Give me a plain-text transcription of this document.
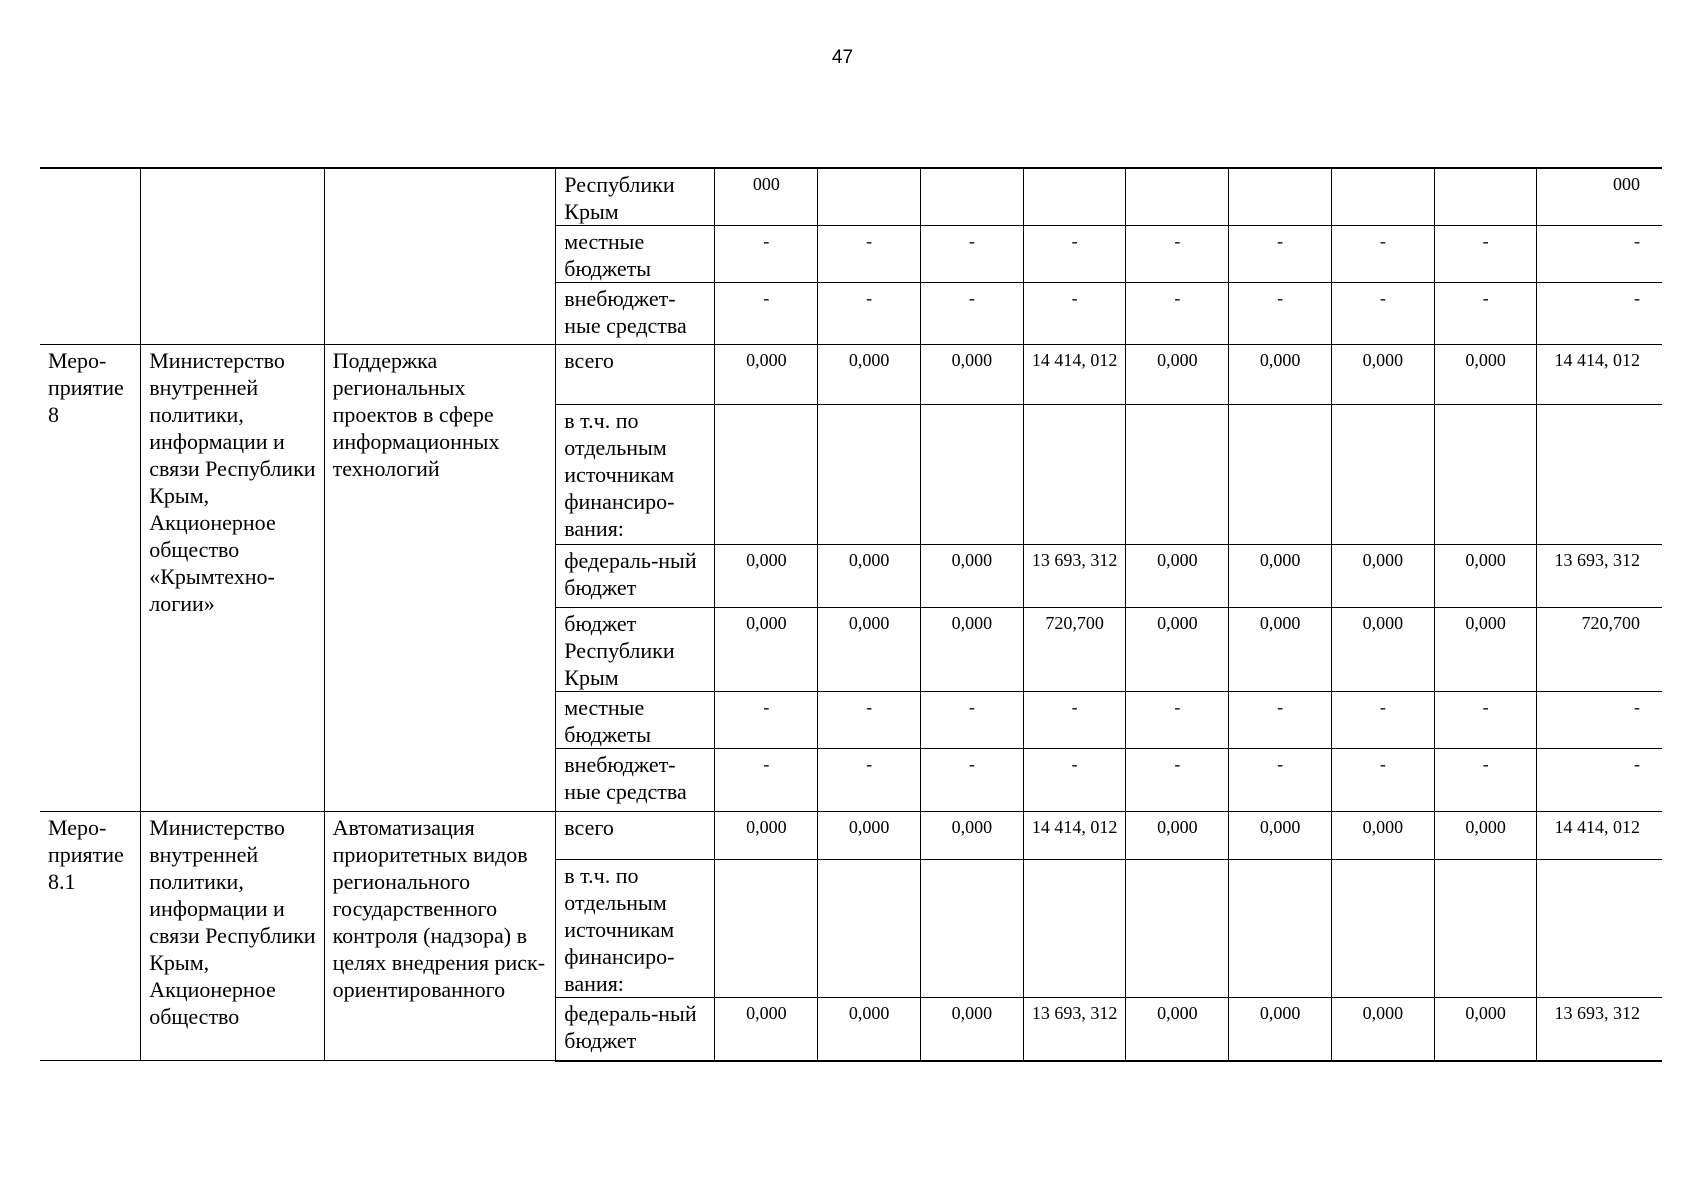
47
			Республики Крым	000								000
			местные бюджеты	-	-	-	-	-	-	-	-	-
			внебюджет-ные средства	-	-	-	-	-	-	-	-	-
Меро-приятие 8	Министерство внутренней политики, информации и связи Республики Крым, Акционерное общество «Крымтехно-логии»	Поддержка региональных проектов в сфере информационных технологий	всего	0,000	0,000	0,000	14 414, 012	0,000	0,000	0,000	0,000	14 414, 012
			в т.ч. по отдельным источникам финансиро-вания:									
			федераль-ный бюджет	0,000	0,000	0,000	13 693, 312	0,000	0,000	0,000	0,000	13 693, 312
			бюджет Республики Крым	0,000	0,000	0,000	720,700	0,000	0,000	0,000	0,000	720,700
			местные бюджеты	-	-	-	-	-	-	-	-	-
			внебюджет-ные средства	-	-	-	-	-	-	-	-	-
Меро-приятие 8.1	Министерство внутренней политики, информации и связи Республики Крым, Акционерное общество	Автоматизация приоритетных видов регионального государственного контроля (надзора) в целях внедрения риск-ориентированного	всего	0,000	0,000	0,000	14 414, 012	0,000	0,000	0,000	0,000	14 414, 012
			в т.ч. по отдельным источникам финансиро-вания:									
			федераль-ный бюджет	0,000	0,000	0,000	13 693, 312	0,000	0,000	0,000	0,000	13 693, 312
